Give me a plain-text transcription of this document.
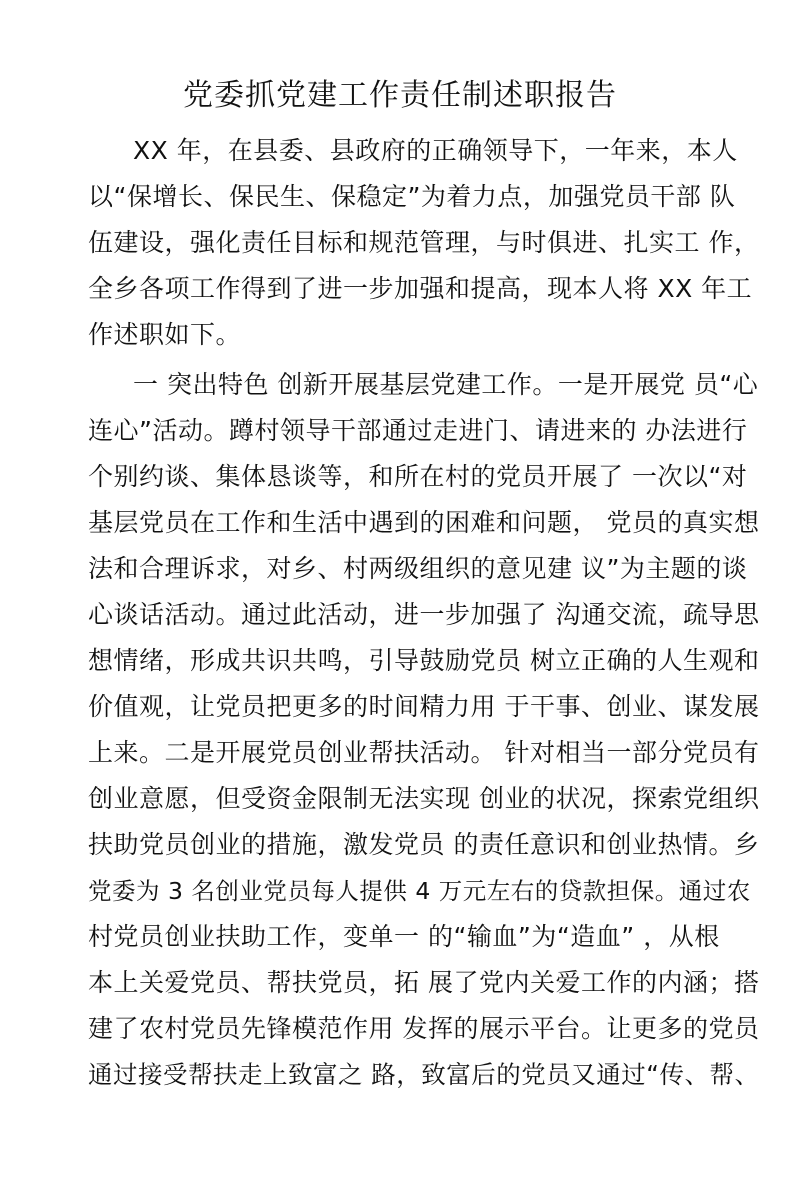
党委抓党建工作责任制述职报告
XX 年，在县委、县政府的正确领导下，一年来，本人
以“保增长、保民生、保稳定”为着力点，加强党员干部 队
伍建设，强化责任目标和规范管理，与时俱进、扎实工 作，
全乡各项工作得到了进一步加强和提高，现本人将 XX 年工
作述职如下。
一 突出特色 创新开展基层党建工作。一是开展党 员“心
连心”活动。蹲村领导干部通过走进门、请进来的 办法进行
个别约谈、集体恳谈等，和所在村的党员开展了 一次以“对
基层党员在工作和生活中遇到的困难和问题， 党员的真实想
法和合理诉求，对乡、村两级组织的意见建 议”为主题的谈
心谈话活动。通过此活动，进一步加强了 沟通交流，疏导思
想情绪，形成共识共鸣，引导鼓励党员 树立正确的人生观和
价值观，让党员把更多的时间精力用 于干事、创业、谋发展
上来。二是开展党员创业帮扶活动。 针对相当一部分党员有
创业意愿，但受资金限制无法实现 创业的状况，探索党组织
扶助党员创业的措施，激发党员 的责任意识和创业热情。乡
党委为 3 名创业党员每人提供 4 万元左右的贷款担保。通过农
村党员创业扶助工作，变单一 的“输血”为“造血” ，从根
本上关爱党员、帮扶党员，拓 展了党内关爱工作的内涵；搭
建了农村党员先锋模范作用 发挥的展示平台。让更多的党员
通过接受帮扶走上致富之 路，致富后的党员又通过“传、帮、
